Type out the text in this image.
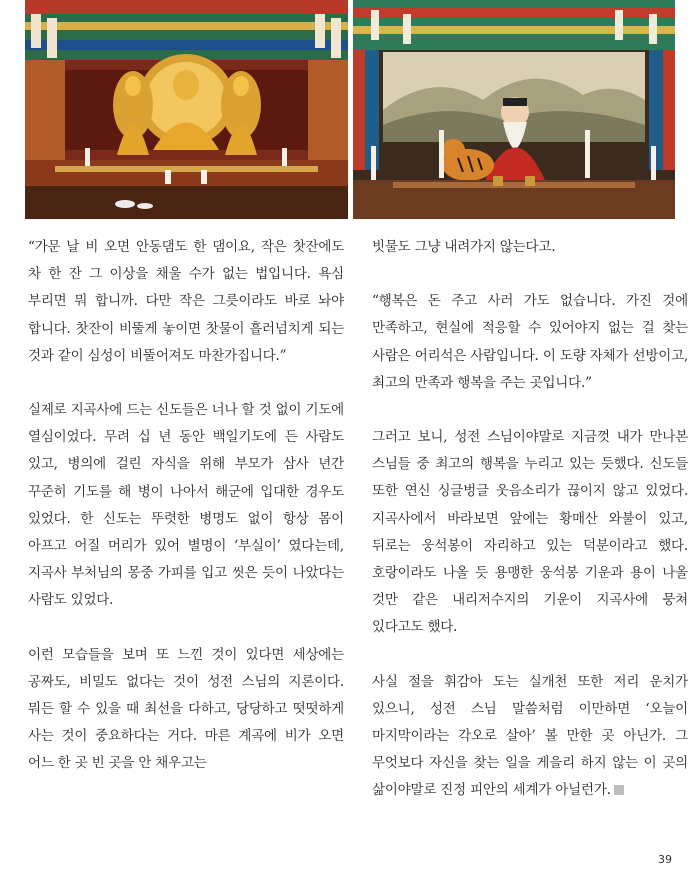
“가문 날 비 오면 안동댐도 한 댐이요, 작은 찻잔에도 차 한 잔 그 이상을 채울 수가 없는 법입니다. 욕심 부리면 뭐 합니까. 다만 작은 그릇이라도 바로 놔야 합니다. 찻잔이 비뚤게 놓이면 찻물이 흘러넘치게 되는 것과 같이 심성이 비뚤어져도 마찬가집니다.”

실제로 지곡사에 드는 신도들은 너나 할 것 없이 기도에 열심이었다. 무려 십 년 동안 백일기도에 든 사람도 있고, 병의에 걸린 자식을 위해 부모가 삼사 년간 꾸준히 기도를 해 병이 나아서 해군에 입대한 경우도 있었다. 한 신도는 뚜렷한 병명도 없이 항상 몸이 아프고 어질 머리가 있어 별명이 ‘부실이’ 였다는데, 지곡사 부처님의 몽중 가피를 입고 씻은 듯이 나았다는 사람도 있었다.

이런 모습들을 보며 또 느낀 것이 있다면 세상에는 공짜도, 비밀도 없다는 것이 성전 스님의 지론이다. 뭐든 할 수 있을 때 최선을 다하고, 당당하고 떳떳하게 사는 것이 중요하다는 거다. 마른 계곡에 비가 오면 어느 한 곳 빈 곳을 안 채우고는

빗물도 그냥 내려가지 않는다고.

“행복은 돈 주고 사러 가도 없습니다. 가진 것에 만족하고, 현실에 적응할 수 있어야지 없는 걸 찾는 사람은 어리석은 사람입니다. 이 도량 자체가 선방이고, 최고의 만족과 행복을 주는 곳입니다.”

그러고 보니, 성전 스님이야말로 지금껏 내가 만나본 스님들 중 최고의 행복을 누리고 있는 듯했다. 신도들 또한 연신 싱글벙글 웃음소리가 끊이지 않고 있었다. 지곡사에서 바라보면 앞에는 황매산 와불이 있고, 뒤로는 웅석봉이 자리하고 있는 덕분이라고 했다. 호랑이라도 나올 듯 용맹한 웅석봉 기운과 용이 나올 것만 같은 내리저수지의 기운이 지곡사에 뭉쳐 있다고도 했다.

사실 절을 휘감아 도는 실개천 또한 저리 운치가 있으니, 성전 스님 말씀처럼 이만하면 ‘오늘이 마지막이라는 각오로 살아’ 볼 만한 곳 아닌가. 그 무엇보다 자신을 찾는 일을 게을리 하지 않는 이 곳의 삶이야말로 진정 피안의 세계가 아닐런가.

39
